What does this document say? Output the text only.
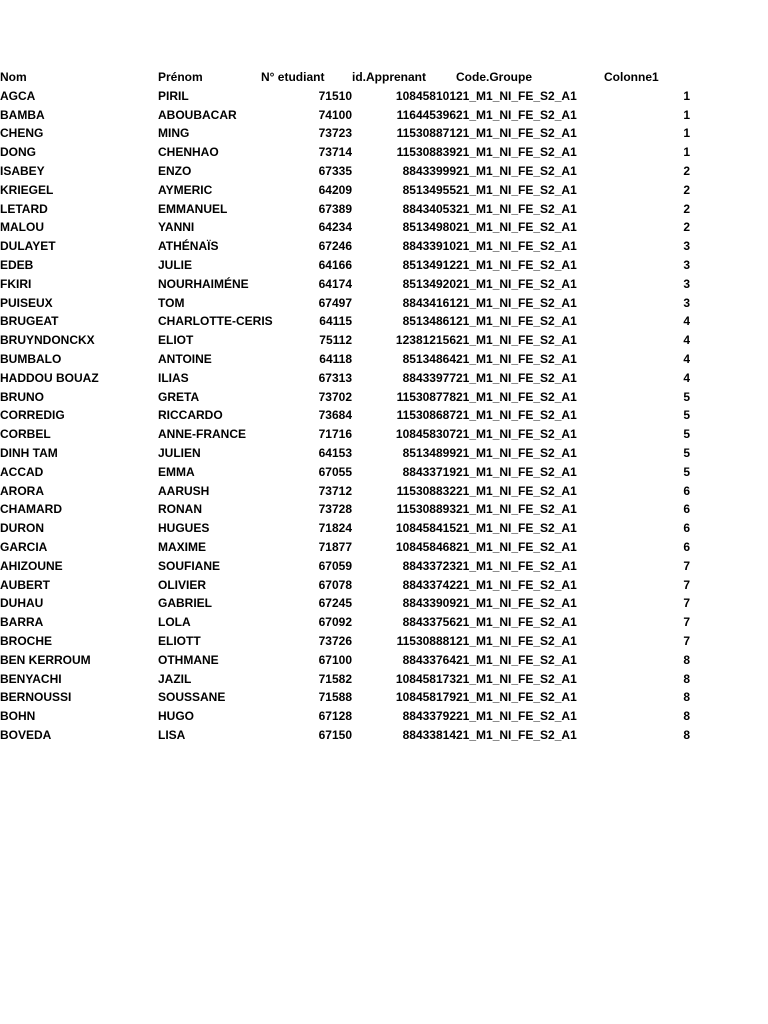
Nom	Prénom	N° etudiant	id.Apprenant	Code.Groupe	Colonne1
AGCA	PIRIL	71510	108458101	21_M1_NI_FE_S2_A1	1
BAMBA	ABOUBACAR	74100	116445396	21_M1_NI_FE_S2_A1	1
CHENG	MING	73723	115308871	21_M1_NI_FE_S2_A1	1
DONG	CHENHAO	73714	115308839	21_M1_NI_FE_S2_A1	1
ISABEY	ENZO	67335	88433999	21_M1_NI_FE_S2_A1	2
KRIEGEL	AYMERIC	64209	85134955	21_M1_NI_FE_S2_A1	2
LETARD	EMMANUEL	67389	88434053	21_M1_NI_FE_S2_A1	2
MALOU	YANNI	64234	85134980	21_M1_NI_FE_S2_A1	2
DULAYET	ATHÉNAÏS	67246	88433910	21_M1_NI_FE_S2_A1	3
EDEB	JULIE	64166	85134912	21_M1_NI_FE_S2_A1	3
FKIRI	NOURHAIMÉNE	64174	85134920	21_M1_NI_FE_S2_A1	3
PUISEUX	TOM	67497	88434161	21_M1_NI_FE_S2_A1	3
BRUGEAT	CHARLOTTE-CERIS	64115	85134861	21_M1_NI_FE_S2_A1	4
BRUYNDONCKX	ELIOT	75112	123812156	21_M1_NI_FE_S2_A1	4
BUMBALO	ANTOINE	64118	85134864	21_M1_NI_FE_S2_A1	4
HADDOU BOUAZ	ILIAS	67313	88433977	21_M1_NI_FE_S2_A1	4
BRUNO	GRETA	73702	115308778	21_M1_NI_FE_S2_A1	5
CORREDIG	RICCARDO	73684	115308687	21_M1_NI_FE_S2_A1	5
CORBEL	ANNE-FRANCE	71716	108458307	21_M1_NI_FE_S2_A1	5
DINH TAM	JULIEN	64153	85134899	21_M1_NI_FE_S2_A1	5
ACCAD	EMMA	67055	88433719	21_M1_NI_FE_S2_A1	5
ARORA	AARUSH	73712	115308832	21_M1_NI_FE_S2_A1	6
CHAMARD	RONAN	73728	115308893	21_M1_NI_FE_S2_A1	6
DURON	HUGUES	71824	108458415	21_M1_NI_FE_S2_A1	6
GARCIA	MAXIME	71877	108458468	21_M1_NI_FE_S2_A1	6
AHIZOUNE	SOUFIANE	67059	88433723	21_M1_NI_FE_S2_A1	7
AUBERT	OLIVIER	67078	88433742	21_M1_NI_FE_S2_A1	7
DUHAU	GABRIEL	67245	88433909	21_M1_NI_FE_S2_A1	7
BARRA	LOLA	67092	88433756	21_M1_NI_FE_S2_A1	7
BROCHE	ELIOTT	73726	115308881	21_M1_NI_FE_S2_A1	7
BEN KERROUM	OTHMANE	67100	88433764	21_M1_NI_FE_S2_A1	8
BENYACHI	JAZIL	71582	108458173	21_M1_NI_FE_S2_A1	8
BERNOUSSI	SOUSSANE	71588	108458179	21_M1_NI_FE_S2_A1	8
BOHN	HUGO	67128	88433792	21_M1_NI_FE_S2_A1	8
BOVEDA	LISA	67150	88433814	21_M1_NI_FE_S2_A1	8
